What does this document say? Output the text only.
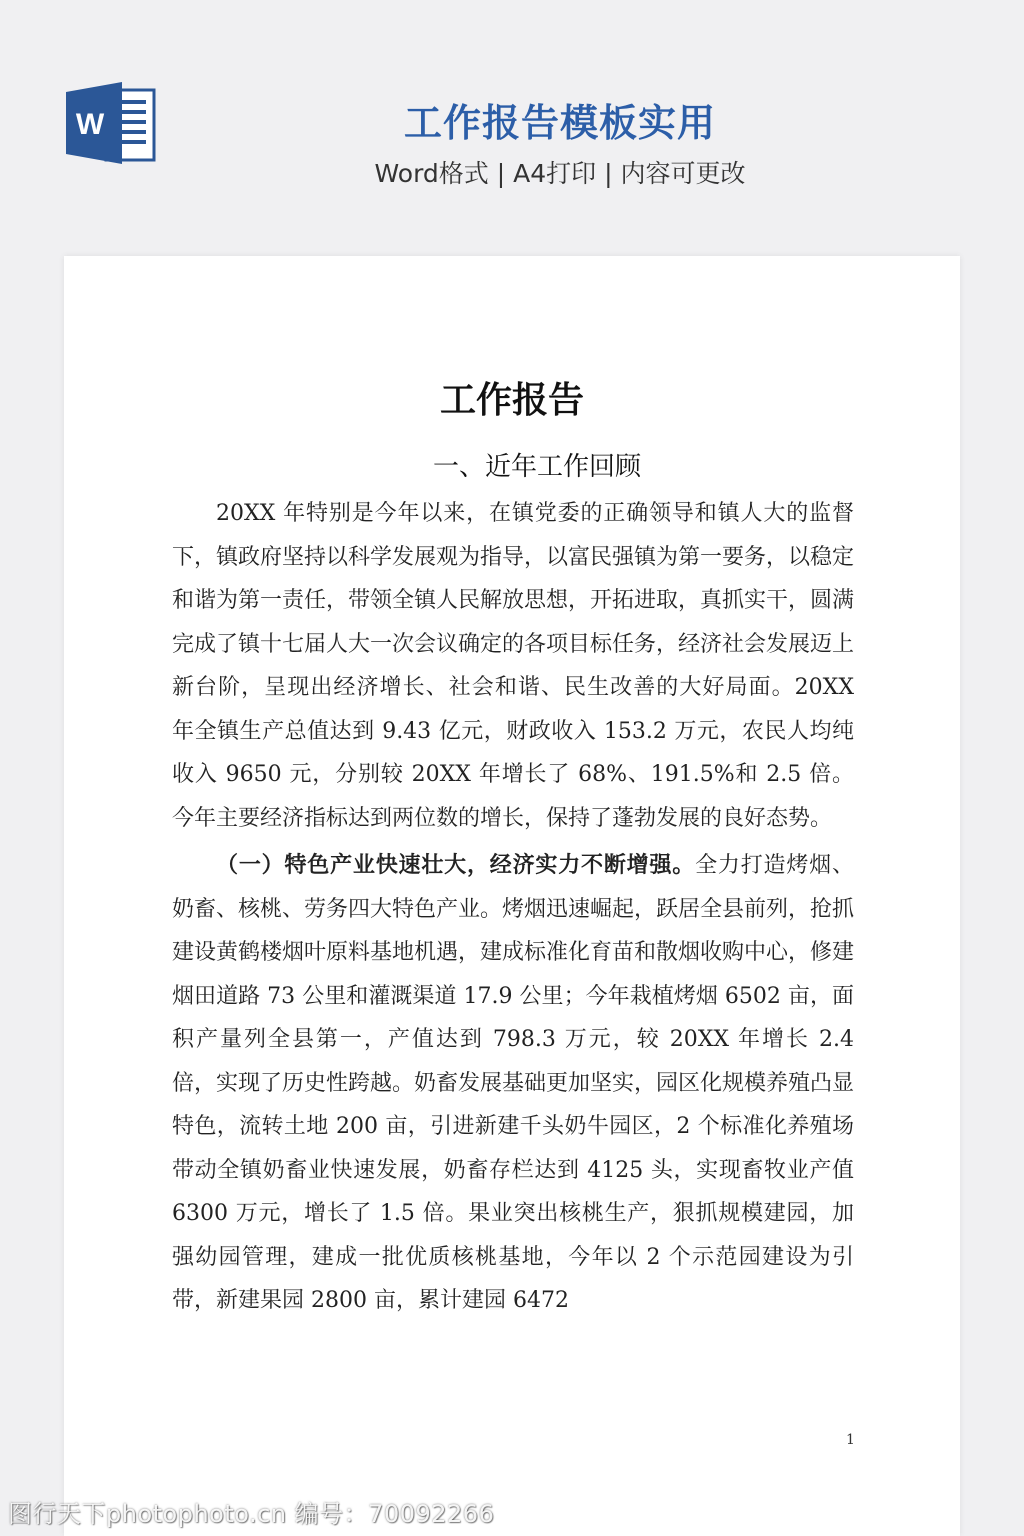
W	工作报告模板实用
Word格式 | A4打印 | 内容可更改
工作报告
一、近年工作回顾

20XX 年特别是今年以来，在镇党委的正确领导和镇人大的监督下，镇政府坚持以科学发展观为指导，以富民强镇为第一要务，以稳定和谐为第一责任，带领全镇人民解放思想，开拓进取，真抓实干，圆满完成了镇十七届人大一次会议确定的各项目标任务，经济社会发展迈上新台阶，呈现出经济增长、社会和谐、民生改善的大好局面。20XX 年全镇生产总值达到 9.43 亿元，财政收入 153.2 万元，农民人均纯收入 9650 元，分别较 20XX 年增长了 68%、191.5%和 2.5 倍。今年主要经济指标达到两位数的增长，保持了蓬勃发展的良好态势。

（一）特色产业快速壮大，经济实力不断增强。全力打造烤烟、奶畜、核桃、劳务四大特色产业。烤烟迅速崛起，跃居全县前列，抢抓建设黄鹤楼烟叶原料基地机遇，建成标准化育苗和散烟收购中心，修建烟田道路 73 公里和灌溉渠道 17.9 公里；今年栽植烤烟 6502 亩，面积产量列全县第一，产值达到 798.3 万元，较 20XX 年增长 2.4 倍，实现了历史性跨越。奶畜发展基础更加坚实，园区化规模养殖凸显特色，流转土地 200 亩，引进新建千头奶牛园区，2 个标准化养殖场带动全镇奶畜业快速发展，奶畜存栏达到 4125 头，实现畜牧业产值 6300 万元，增长了 1.5 倍。果业突出核桃生产，狠抓规模建园，加强幼园管理，建成一批优质核桃基地，今年以 2 个示范园建设为引带，新建果园 2800 亩，累计建园 6472

1
图行天下photophoto.cn 编号：70092266
